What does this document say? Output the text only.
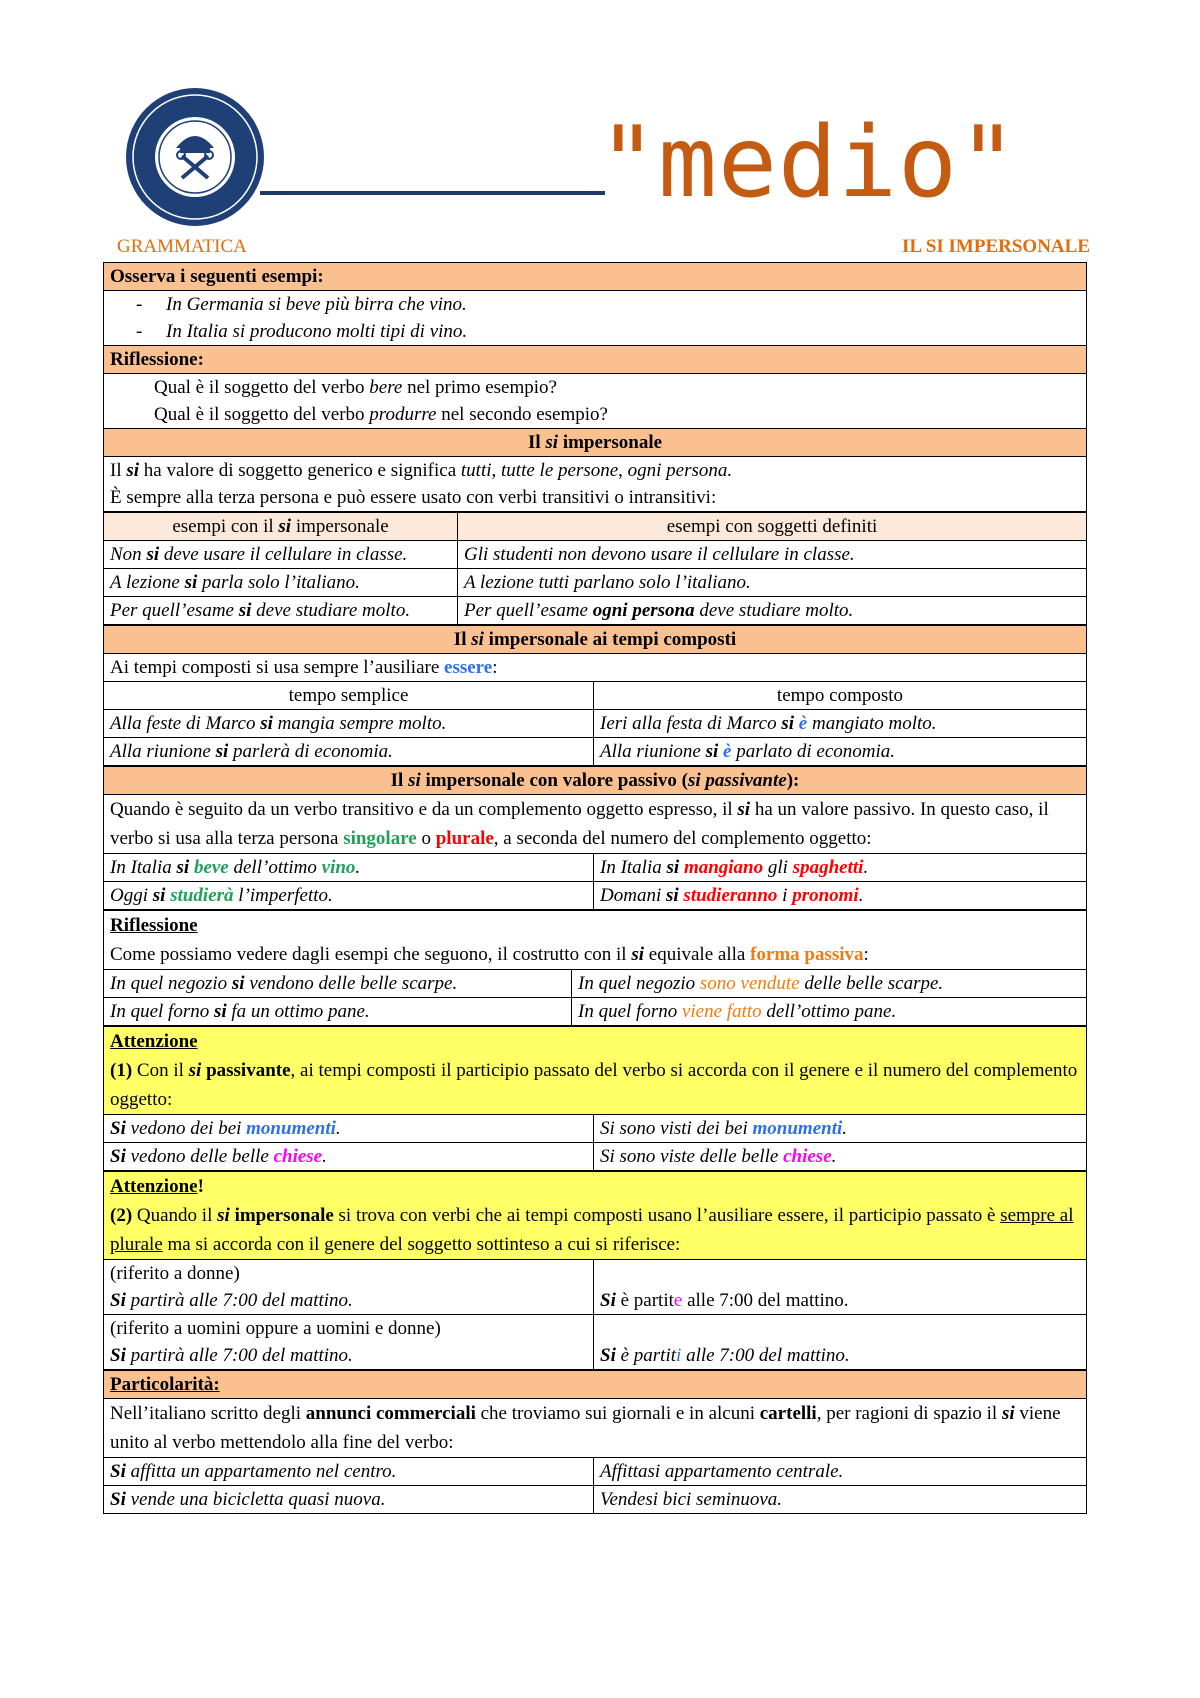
"medio"
GRAMMATICA	IL SI IMPERSONALE
Osserva i seguenti esempi:
- In Germania si beve più birra che vino.
- In Italia si producono molti tipi di vino.
Riflessione:
Qual è il soggetto del verbo bere nel primo esempio?
Qual è il soggetto del verbo produrre nel secondo esempio?
Il si impersonale
Il si ha valore di soggetto generico e significa tutti, tutte le persone, ogni persona.
È sempre alla terza persona e può essere usato con verbi transitivi o intransitivi:
esempi con il si impersonale	esempi con soggetti definiti
Non si deve usare il cellulare in classe.	Gli studenti non devono usare il cellulare in classe.
A lezione si parla solo l’italiano.	A lezione tutti parlano solo l’italiano.
Per quell’esame si deve studiare molto.	Per quell’esame ogni persona deve studiare molto.
Il si impersonale ai tempi composti	
Ai tempi composti si usa sempre l’ausiliare essere:	
tempo semplice	tempo composto
Alla feste di Marco si mangia sempre molto.	Ieri alla festa di Marco si è mangiato molto.
Alla riunione si parlerà di economia.	Alla riunione si è parlato di economia.
Il si impersonale con valore passivo (si passivante):	
Quando è seguito da un verbo transitivo e da un complemento oggetto espresso, il si ha un valore passivo. In questo caso, il verbo si usa alla terza persona singolare o plurale, a seconda del numero del complemento oggetto:	
In Italia si beve dell’ottimo vino.	In Italia si mangiano gli spaghetti.
Oggi si studierà l’imperfetto.	Domani si studieranno i pronomi.
Riflessione
Come possiamo vedere dagli esempi che seguono, il costrutto con il si equivale alla forma passiva:	
In quel negozio si vendono delle belle scarpe.	In quel negozio sono vendute delle belle scarpe.
In quel forno si fa un ottimo pane.	In quel forno viene fatto dell’ottimo pane.
Attenzione
(1) Con il si passivante, ai tempi composti il participio passato del verbo si accorda con il genere e il numero del complemento oggetto:	
Si vedono dei bei monumenti.	Si sono visti dei bei monumenti.
Si vedono delle belle chiese.	Si sono viste delle belle chiese.
Attenzione!
(2) Quando il si impersonale si trova con verbi che ai tempi composti usano l’ausiliare essere, il participio passato è sempre al plurale ma si accorda con il genere del soggetto sottinteso a cui si riferisce:	
(riferito a donne)
Si partirà alle 7:00 del mattino.	Si è partite alle 7:00 del mattino.
(riferito a uomini oppure a uomini e donne)
Si partirà alle 7:00 del mattino.	Si è partiti alle 7:00 del mattino.
Particolarità:	
Nell’italiano scritto degli annunci commerciali che troviamo sui giornali e in alcuni cartelli, per ragioni di spazio il si viene unito al verbo mettendolo alla fine del verbo:	
Si affitta un appartamento nel centro.	Affittasi appartamento centrale.
Si vende una bicicletta quasi nuova.	Vendesi bici seminuova.
